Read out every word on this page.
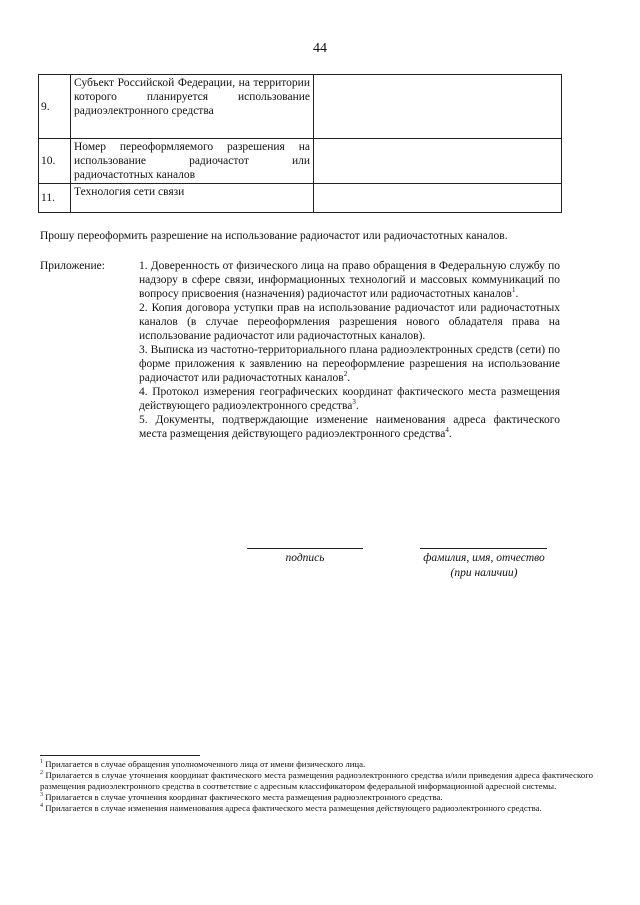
44
9.	Субъект Российской Федерации, на территории которого планируется использование радиоэлектронного средства	
10.	Номер переоформляемого разрешения на использование радиочастот или радиочастотных каналов	
11.	Технология сети связи	
Прошу переоформить разрешение на использование радиочастот или радиочастотных каналов.
Приложение:	1. Доверенность от физического лица на право обращения в Федеральную службу по надзору в сфере связи, информационных технологий и массовых коммуникаций по вопросу присвоения (назначения) радиочастот или радиочастотных каналов$^1$.
2. Копия договора уступки прав на использование радиочастот или радиочастотных каналов (в случае переоформления разрешения нового обладателя права на использование радиочастот или радиочастотных каналов).
3. Выписка из частотно-территориального плана радиоэлектронных средств (сети) по форме приложения к заявлению на переоформление разрешения на использование радиочастот или радиочастотных каналов$^2$.
4. Протокол измерения географических координат фактического места размещения действующего радиоэлектронного средства$^3$.
5. Документы, подтверждающие изменение наименования адреса фактического места размещения действующего радиоэлектронного средства$^4$.
подпись	фамилия, имя, отчество
(при наличии)
$^1$ Прилагается в случае обращения уполномоченного лица от имени физического лица.
$^2$ Прилагается в случае уточнения координат фактического места размещения радиоэлектронного средства и/или приведения адреса фактического размещения радиоэлектронного средства в соответствие с адресным классификатором федеральной информационной адресной системы.
$^3$ Прилагается в случае уточнения координат фактического места размещения радиоэлектронного средства.
$^4$ Прилагается в случае изменения наименования адреса фактического места размещения действующего радиоэлектронного средства.
